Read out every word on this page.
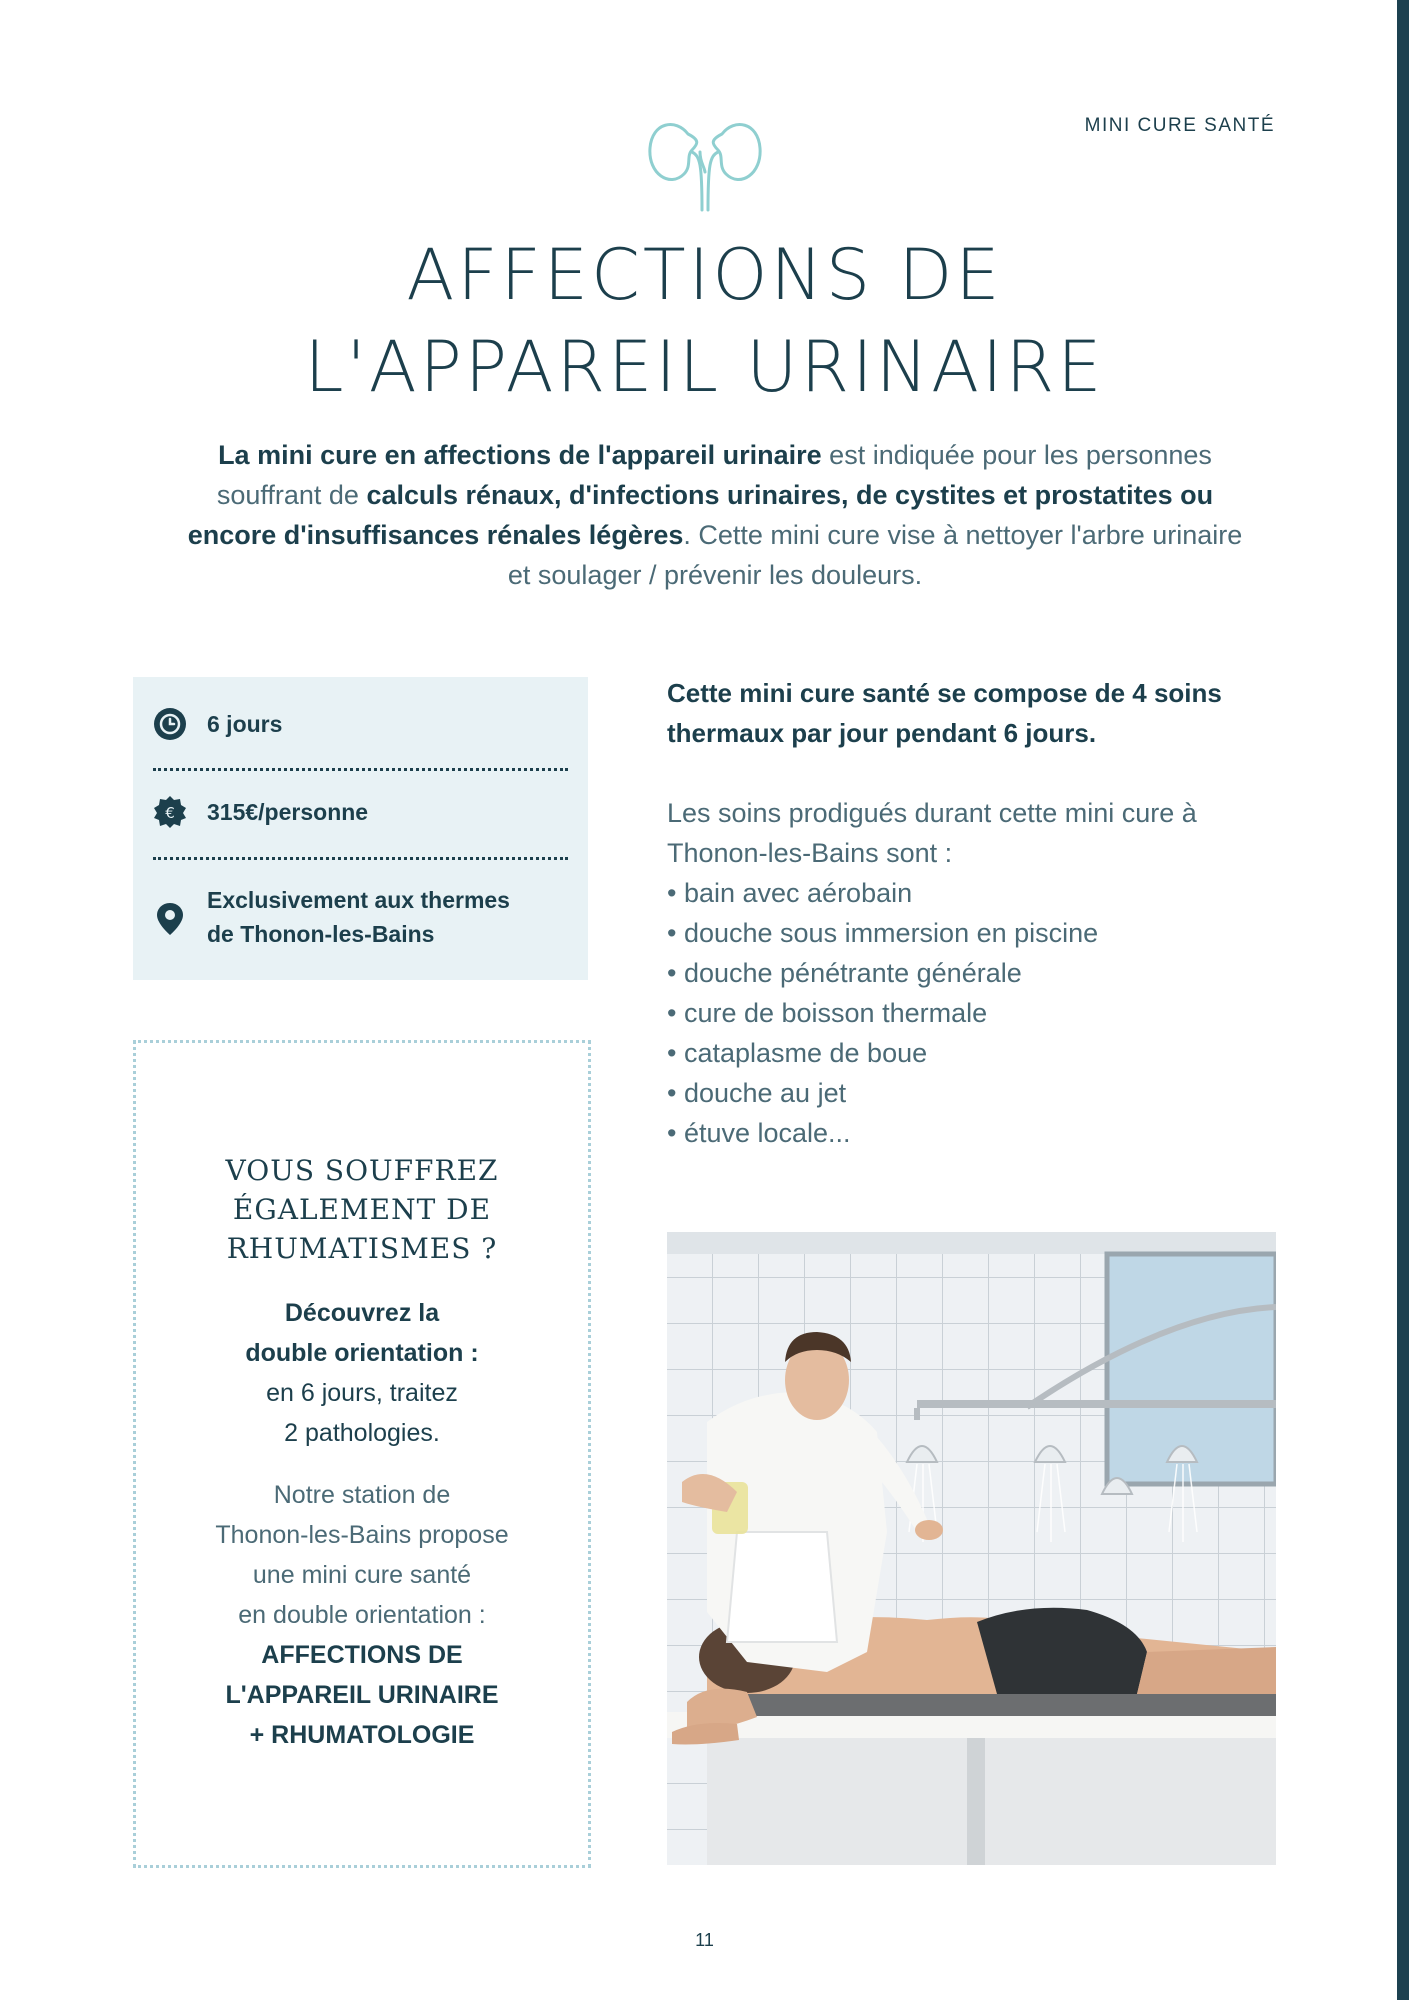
MINI CURE SANTÉ
AFFECTIONS DE
L'APPAREIL URINAIRE
La mini cure en affections de l'appareil urinaire est indiquée pour les personnes souffrant de calculs rénaux, d'infections urinaires, de cystites et prostatites ou encore d'insuffisances rénales légères. Cette mini cure vise à nettoyer l'arbre urinaire et soulager / prévenir les douleurs.
6 jours
€ 315€/personne
Exclusivement aux thermes
de Thonon-les-Bains
VOUS SOUFFREZ
ÉGALEMENT DE
RHUMATISMES ?
Découvrez la
double orientation :
en 6 jours, traitez
2 pathologies.
Notre station de
Thonon-les-Bains propose
une mini cure santé
en double orientation :
AFFECTIONS DE
L'APPAREIL URINAIRE
+ RHUMATOLOGIE
Cette mini cure santé se compose de 4 soins thermaux par jour pendant 6 jours.
Les soins prodigués durant cette mini cure à
Thonon-les-Bains sont :
• bain avec aérobain
• douche sous immersion en piscine
• douche pénétrante générale
• cure de boisson thermale
• cataplasme de boue
• douche au jet
• étuve locale...
11
